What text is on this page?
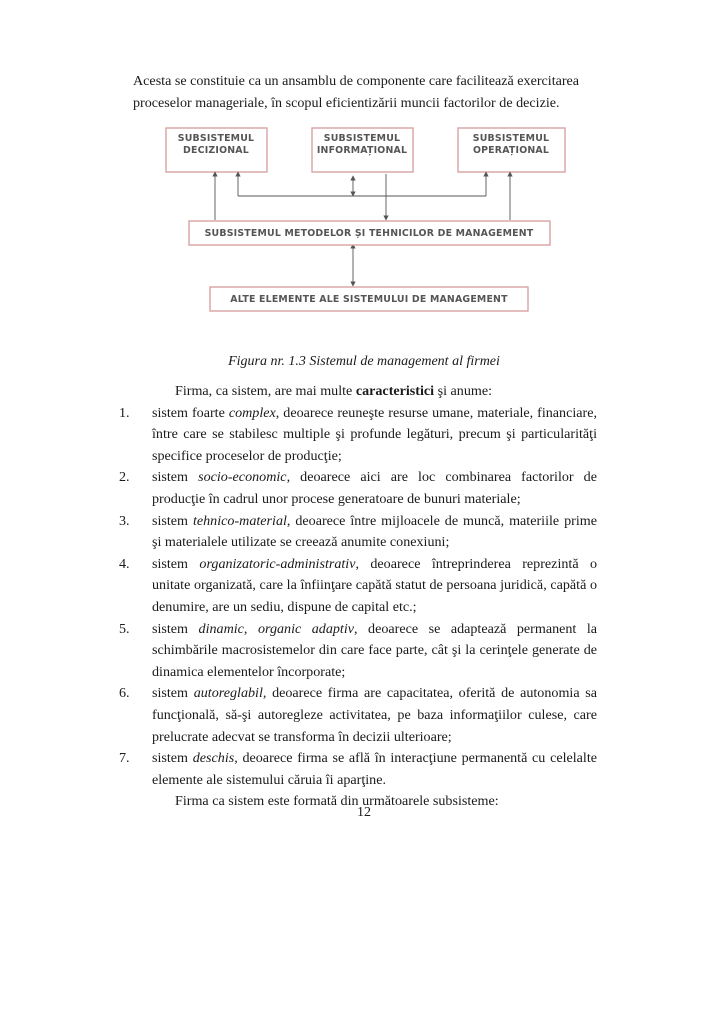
Acesta se constituie ca un ansamblu de componente care facilitează exercitarea
proceselor manageriale, în scopul eficientizării muncii factorilor de decizie.
SUBSISTEMUL
DECIZIONAL
SUBSISTEMUL
INFORMAȚIONAL
SUBSISTEMUL
OPERAȚIONAL
SUBSISTEMUL METODELOR ȘI TEHNICILOR DE MANAGEMENT
ALTE ELEMENTE ALE SISTEMULUI DE MANAGEMENT
Figura nr. 1.3 Sistemul de management al firmei

Firma, ca sistem, are mai multe caracteristici şi anume:

1. sistem foarte complex, deoarece reuneşte resurse umane, materiale, financiare, între care se stabilesc multiple şi profunde legături, precum şi particularităţi specifice proceselor de producţie;
2. sistem socio-economic, deoarece aici are loc combinarea factorilor de producţie în cadrul unor procese generatoare de bunuri materiale;
3. sistem tehnico-material, deoarece între mijloacele de muncă, materiile prime şi materialele utilizate se creează anumite conexiuni;
4. sistem organizatoric-administrativ, deoarece întreprinderea reprezintă o unitate organizată, care la înfiinţare capătă statut de persoana juridică, capătă o denumire, are un sediu, dispune de capital etc.;
5. sistem dinamic, organic adaptiv, deoarece se adaptează permanent la schimbările macrosistemelor din care face parte, cât şi la cerinţele generate de dinamica elementelor încorporate;
6. sistem autoreglabil, deoarece firma are capacitatea, oferită de autonomia sa funcţională, să-şi autoregleze activitatea, pe baza informaţiilor culese, care prelucrate adecvat se transforma în decizii ulterioare;
7. sistem deschis, deoarece firma se află în interacţiune permanentă cu celelalte elemente ale sistemului căruia îi aparţine.

Firma ca sistem este formată din următoarele subsisteme:

12
